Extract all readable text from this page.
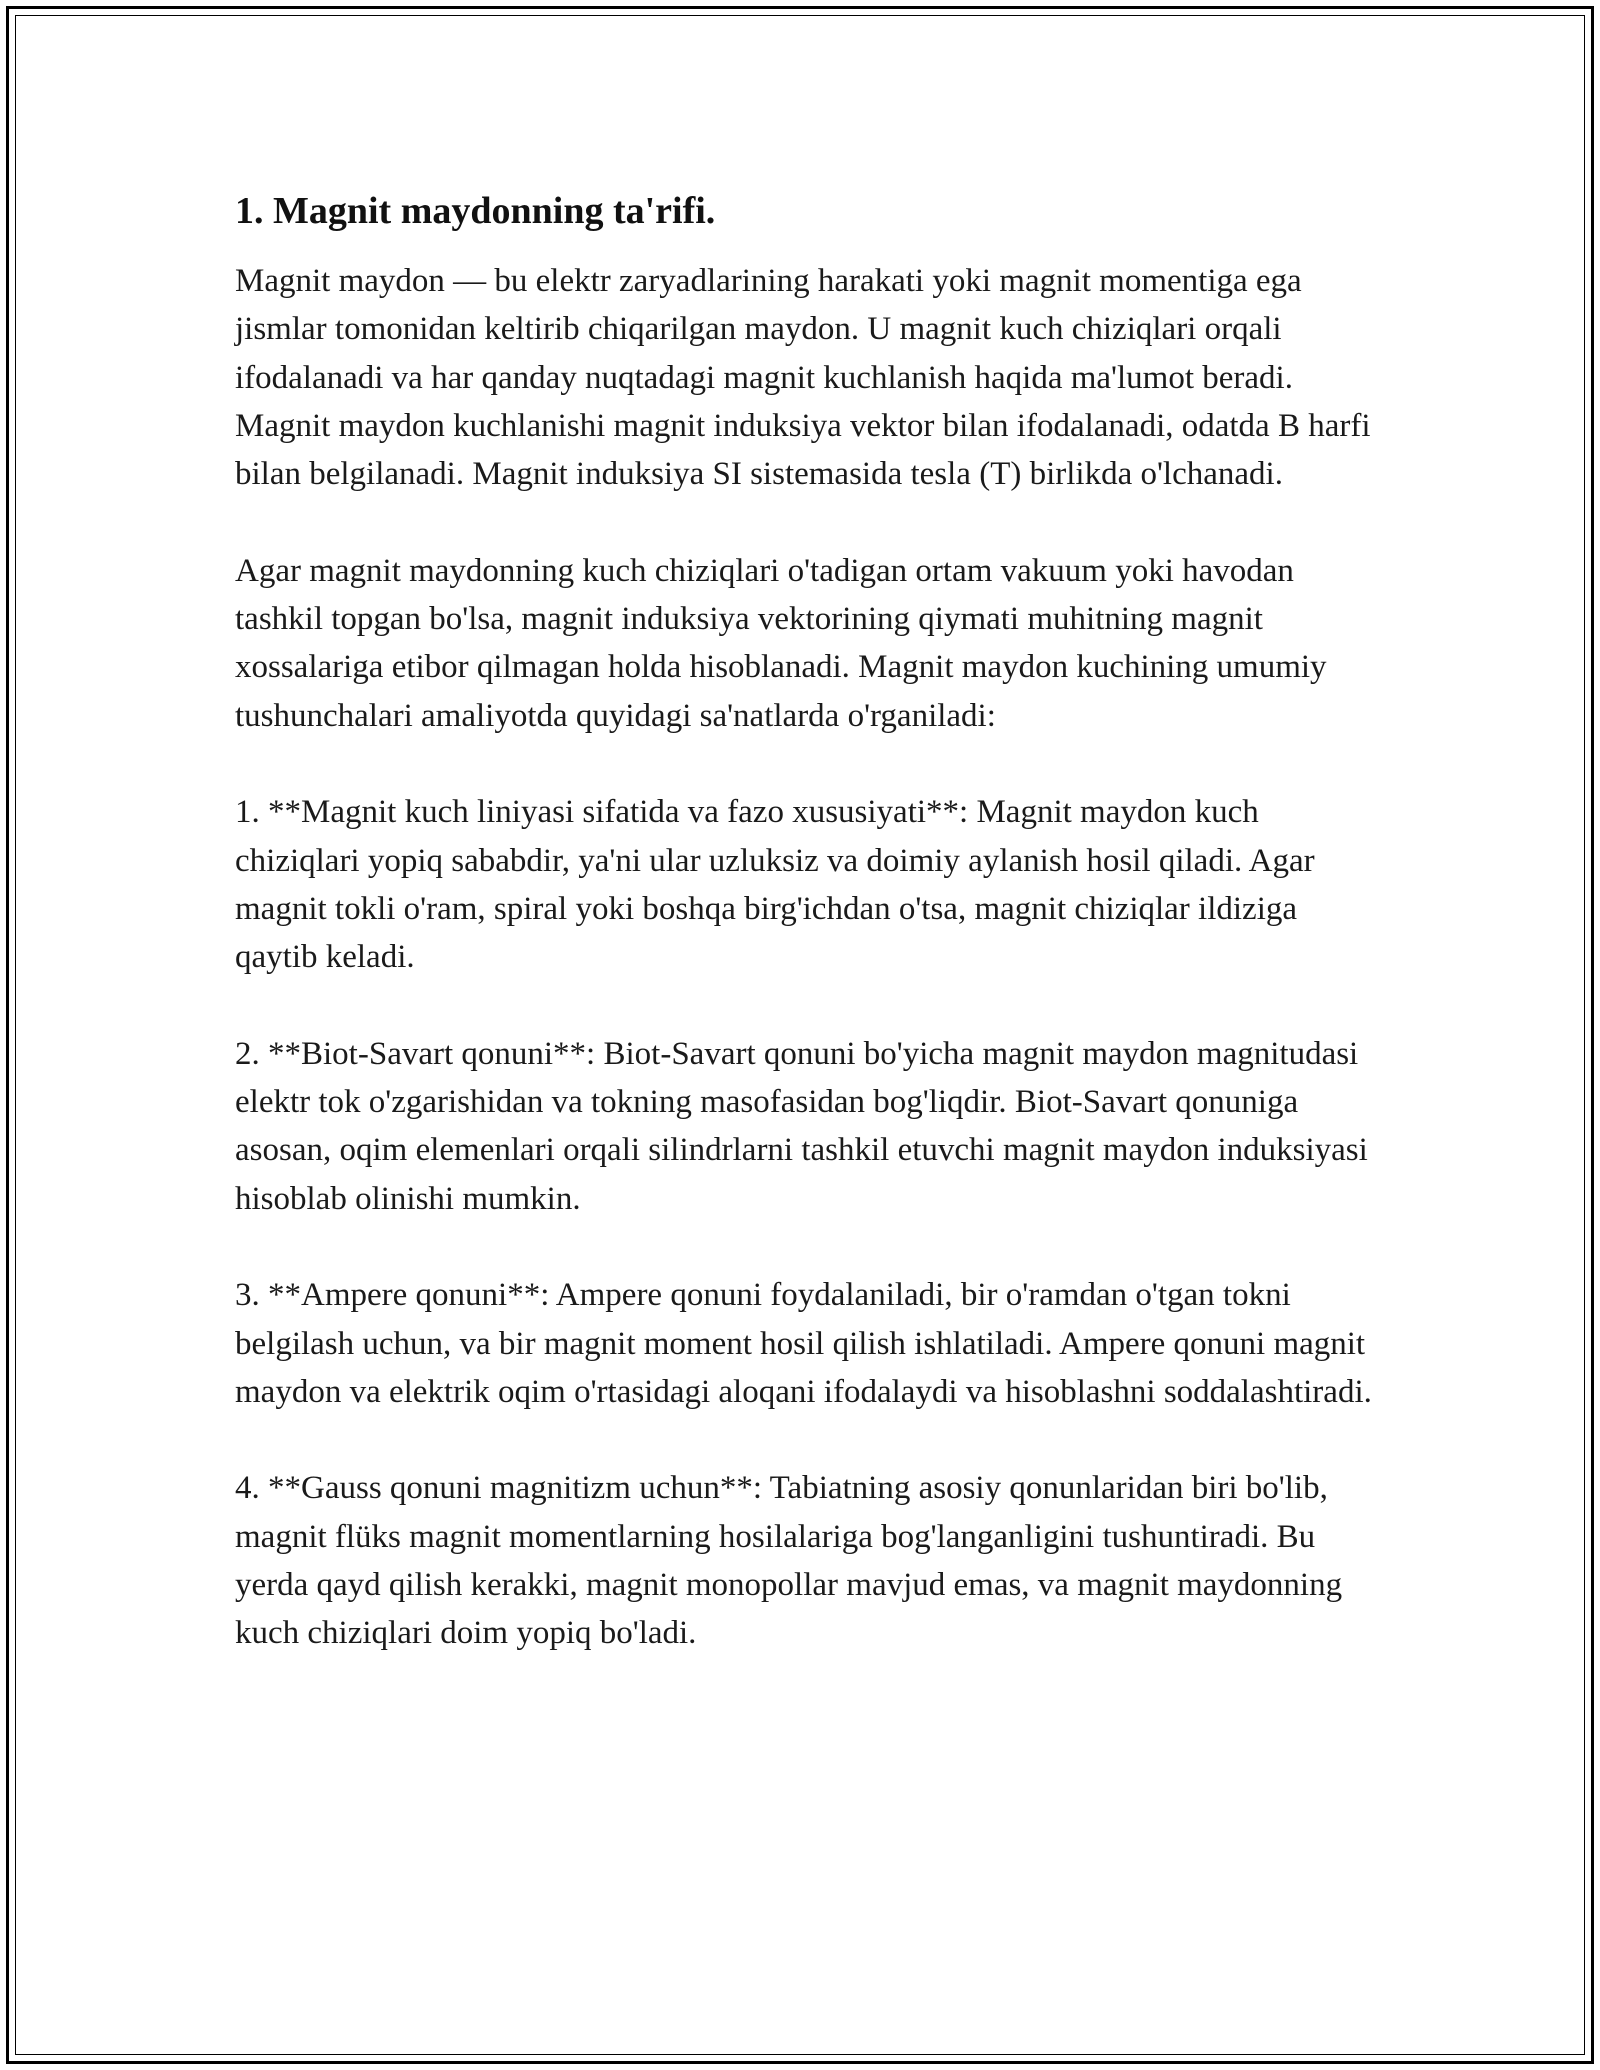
1. Magnit maydonning ta'rifi.

Magnit maydon — bu elektr zaryadlarining harakati yoki magnit momentiga ega jismlar tomonidan keltirib chiqarilgan maydon. U magnit kuch chiziqlari orqali ifodalanadi va har qanday nuqtadagi magnit kuchlanish haqida ma'lumot beradi. Magnit maydon kuchlanishi magnit induksiya vektor bilan ifodalanadi, odatda B harfi bilan belgilanadi. Magnit induksiya SI sistemasida tesla (T) birlikda o'lchanadi.

Agar magnit maydonning kuch chiziqlari o'tadigan ortam vakuum yoki havodan tashkil topgan bo'lsa, magnit induksiya vektorining qiymati muhitning magnit xossalariga etibor qilmagan holda hisoblanadi. Magnit maydon kuchining umumiy tushunchalari amaliyotda quyidagi sa'natlarda o'rganiladi:

1. **Magnit kuch liniyasi sifatida va fazo xususiyati**: Magnit maydon kuch chiziqlari yopiq sababdir, ya'ni ular uzluksiz va doimiy aylanish hosil qiladi. Agar magnit tokli o'ram, spiral yoki boshqa birg'ichdan o'tsa, magnit chiziqlar ildiziga qaytib keladi.

2. **Biot-Savart qonuni**: Biot-Savart qonuni bo'yicha magnit maydon magnitudasi elektr tok o'zgarishidan va tokning masofasidan bog'liqdir. Biot-Savart qonuniga asosan, oqim elemenlari orqali silindrlarni tashkil etuvchi magnit maydon induksiyasi hisoblab olinishi mumkin.

3. **Ampere qonuni**: Ampere qonuni foydalaniladi, bir o'ramdan o'tgan tokni belgilash uchun, va bir magnit moment hosil qilish ishlatiladi. Ampere qonuni magnit maydon va elektrik oqim o'rtasidagi aloqani ifodalaydi va hisoblashni soddalashtiradi.

4. **Gauss qonuni magnitizm uchun**: Tabiatning asosiy qonunlaridan biri bo'lib, magnit flüks magnit momentlarning hosilalariga bog'langanligini tushuntiradi. Bu yerda qayd qilish kerakki, magnit monopollar mavjud emas, va magnit maydonning kuch chiziqlari doim yopiq bo'ladi.
